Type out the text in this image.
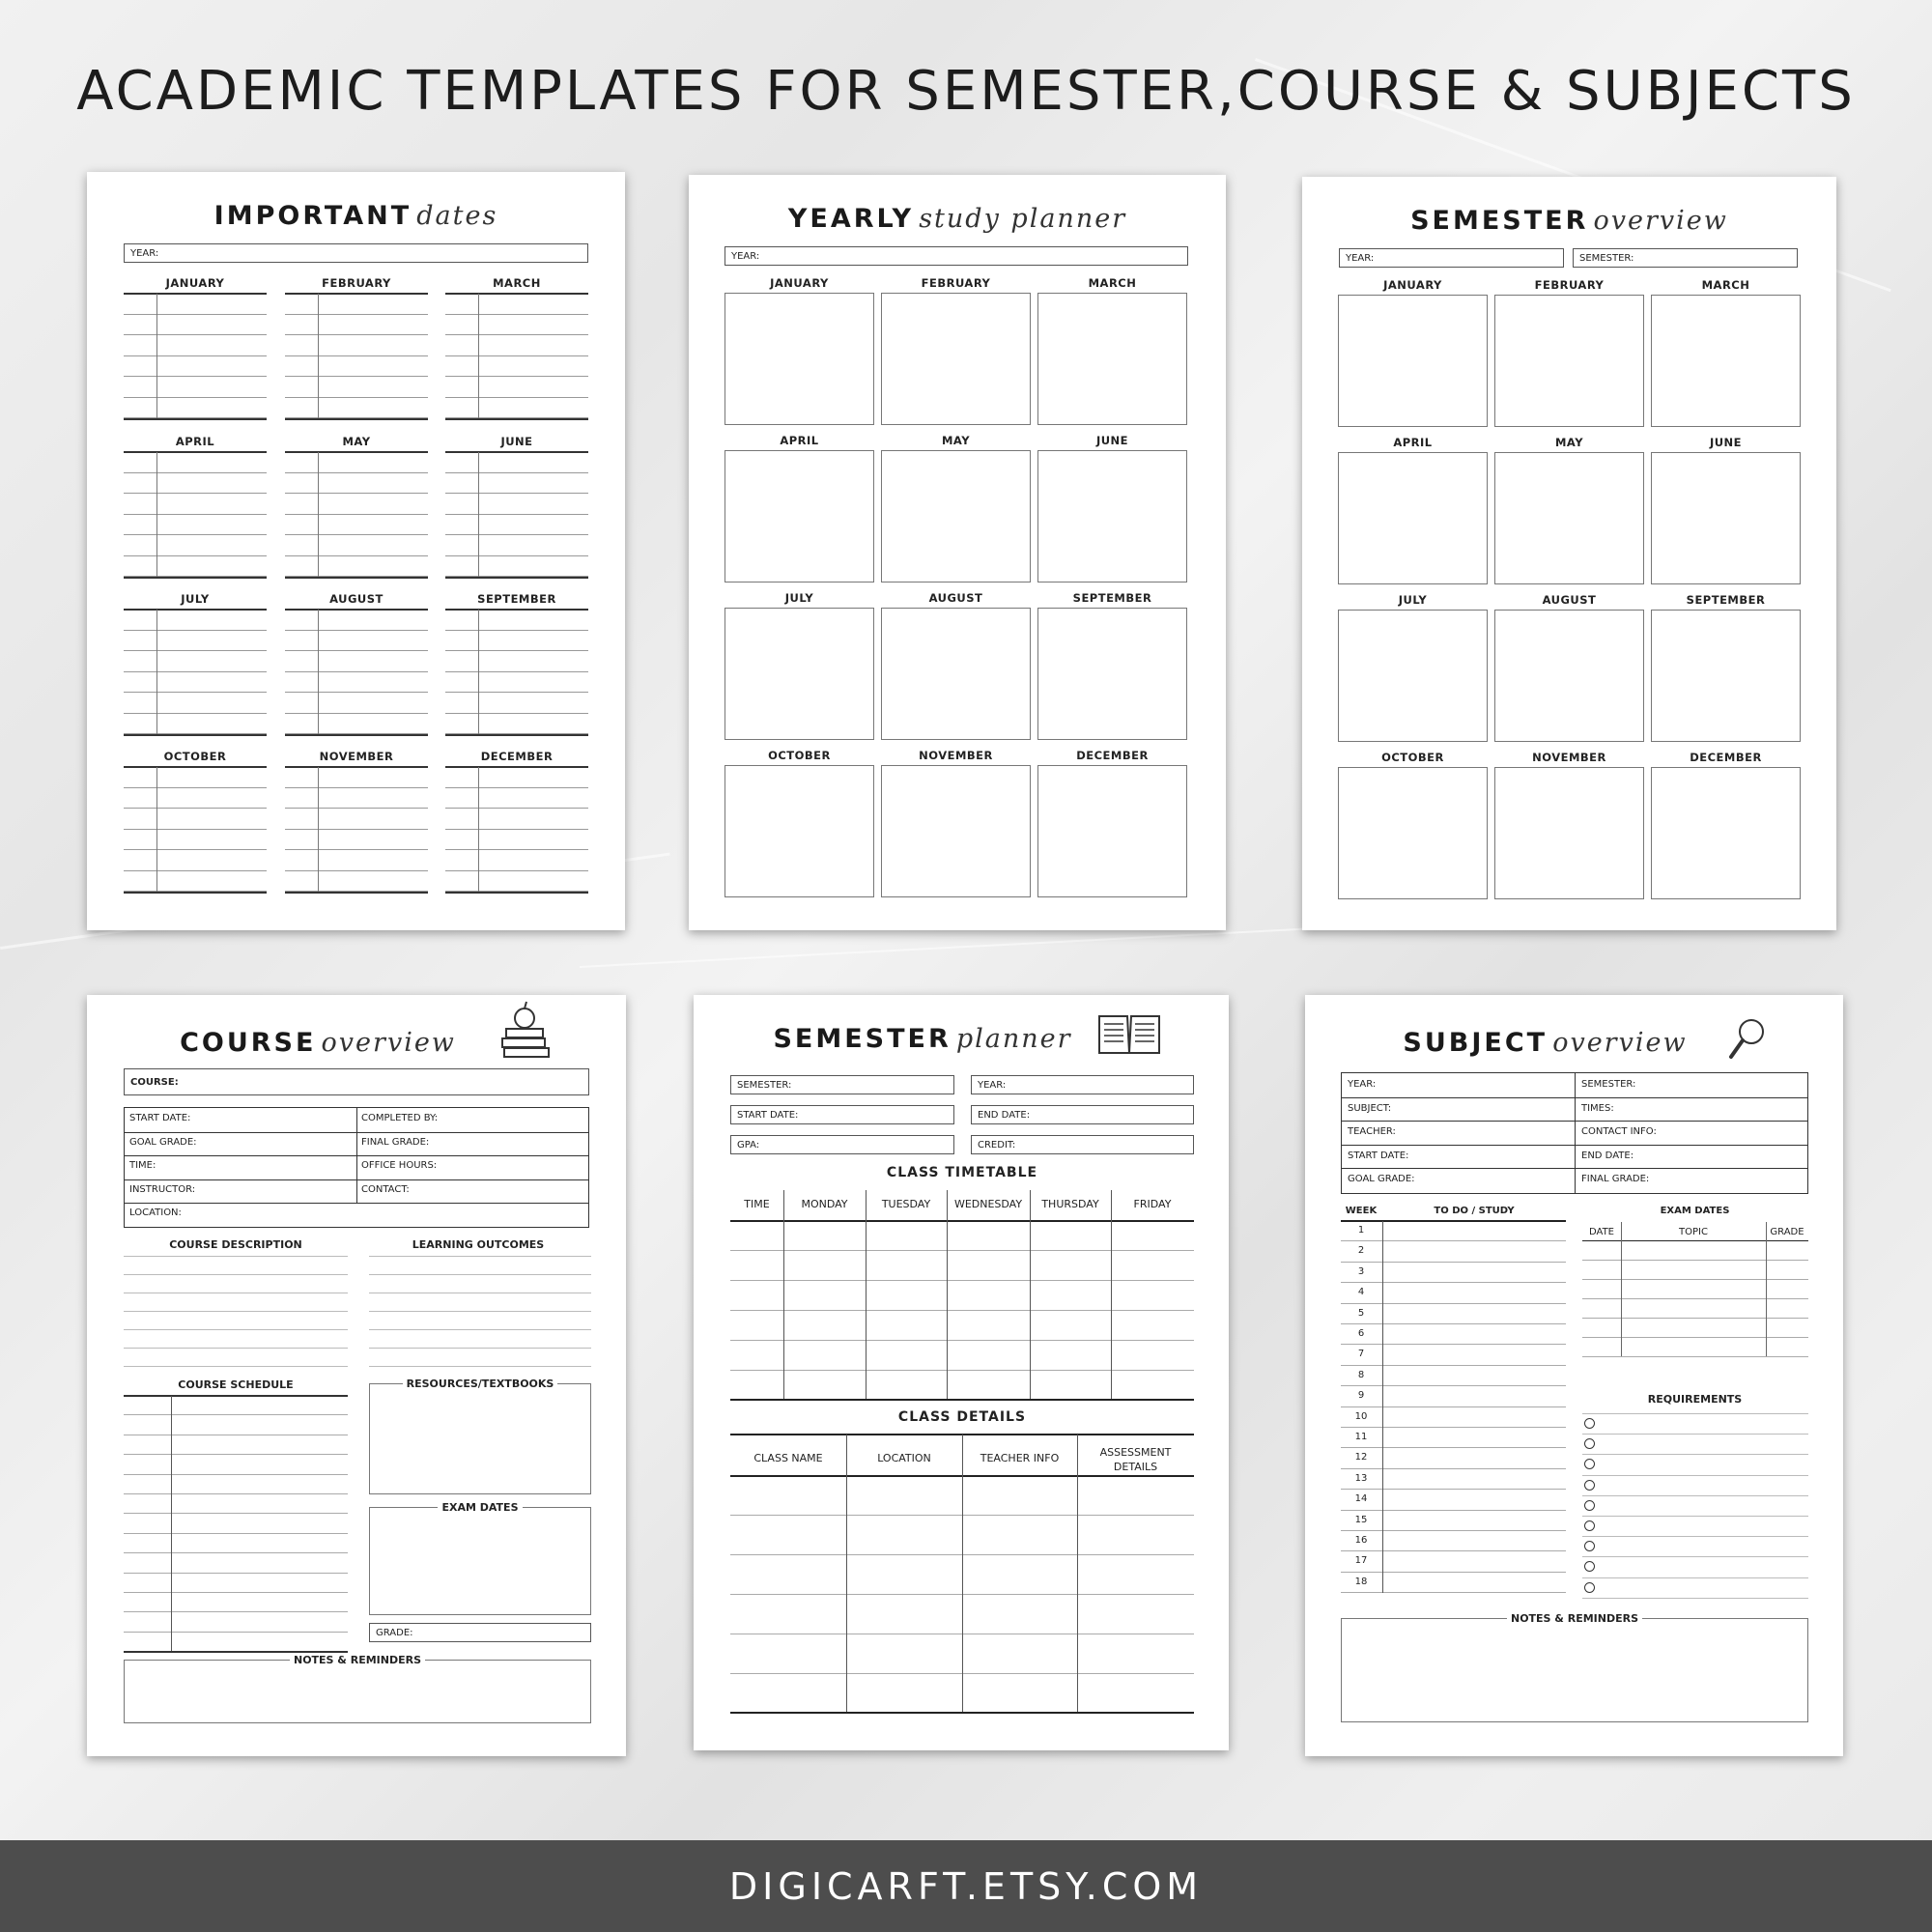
ACADEMIC TEMPLATES FOR SEMESTER,COURSE & SUBJECTS
IMPORTANT dates
YEAR:
JANUARY	FEBRUARY	MARCH
APRIL	MAY	JUNE
JULY	AUGUST	SEPTEMBER
OCTOBER	NOVEMBER	DECEMBER
YEARLY study planner
YEAR:
JANUARY	FEBRUARY	MARCH
APRIL	MAY	JUNE
JULY	AUGUST	SEPTEMBER
OCTOBER	NOVEMBER	DECEMBER
SEMESTER overview
YEAR:	SEMESTER:
JANUARY	FEBRUARY	MARCH
APRIL	MAY	JUNE
JULY	AUGUST	SEPTEMBER
OCTOBER	NOVEMBER	DECEMBER
COURSE overview
COURSE:
START DATE:	COMPLETED BY:
GOAL GRADE:	FINAL GRADE:
TIME:	OFFICE HOURS:
INSTRUCTOR:	CONTACT:
LOCATION:
COURSE DESCRIPTION	LEARNING OUTCOMES
COURSE SCHEDULE	RESOURCES/TEXTBOOKS
EXAM DATES
GRADE:
NOTES & REMINDERS
SEMESTER planner
SEMESTER:	YEAR:
START DATE:	END DATE:
GPA:	CREDIT:
CLASS TIMETABLE
TIME	MONDAY	TUESDAY	WEDNESDAY	THURSDAY	FRIDAY
CLASS DETAILS
CLASS NAME	LOCATION	TEACHER INFO	ASSESSMENT
DETAILS
SUBJECT overview
YEAR:	SEMESTER:
SUBJECT:	TIMES:
TEACHER:	CONTACT INFO:
START DATE:	END DATE:
GOAL GRADE:	FINAL GRADE:
WEEK	TO DO / STUDY
1
2
3
4
5
6
7
8
9
10
11
12
13
14
15
16
17
18
EXAM DATES
DATE	TOPIC	GRADE
REQUIREMENTS
NOTES & REMINDERS
DIGICARFT.ETSY.COM
